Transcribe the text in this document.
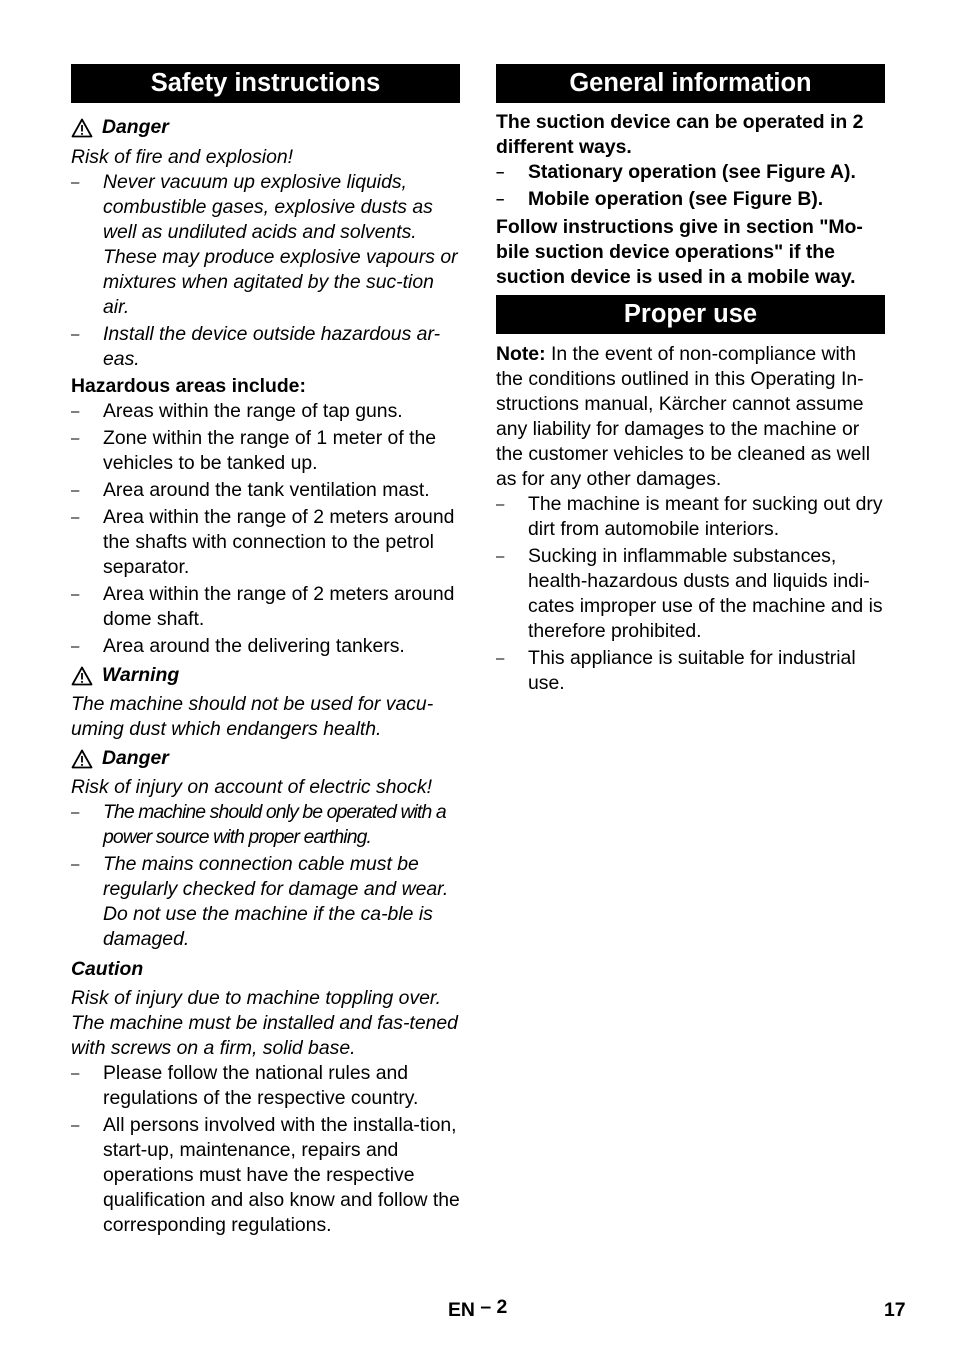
Safety instructions
Danger

Risk of fire and explosion!

– Never vacuum up explosive liquids, combustible gases, explosive dusts as well as undiluted acids and solvents. These may produce explosive vapours or mixtures when agitated by the suc-tion air.
– Install the device outside hazardous ar-eas.

Hazardous areas include:

– Areas within the range of tap guns.
– Zone within the range of 1 meter of the vehicles to be tanked up.
– Area around the tank ventilation mast.
– Area within the range of 2 meters around the shafts with connection to the petrol separator.
– Area within the range of 2 meters around dome shaft.
– Area around the delivering tankers.
Warning

The machine should not be used for vacu-uming dust which endangers health.

Danger

Risk of injury on account of electric shock!

– The machine should only be operated with a power source with proper earthing.
– The mains connection cable must be regularly checked for damage and wear. Do not use the machine if the ca-ble is damaged.

Caution

Risk of injury due to machine toppling over. The machine must be installed and fas-tened with screws on a firm, solid base.

– Please follow the national rules and regulations of the respective country.
– All persons involved with the installa-tion, start-up, maintenance, repairs and operations must have the respective qualification and also know and follow the corresponding regulations.
General information

The suction device can be operated in 2 different ways.

– Stationary operation (see Figure A).
– Mobile operation (see Figure B).

Follow instructions give in section "Mo-bile suction device operations" if the suction device is used in a mobile way.

Proper use

Note: In the event of non-compliance with the conditions outlined in this Operating In-structions manual, Kärcher cannot assume any liability for damages to the machine or the customer vehicles to be cleaned as well as for any other damages.

– The machine is meant for sucking out dry dirt from automobile interiors.
– Sucking in inflammable substances, health-hazardous dusts and liquids indi-cates improper use of the machine and is therefore prohibited.
– This appliance is suitable for industrial use.
EN – 2	17
